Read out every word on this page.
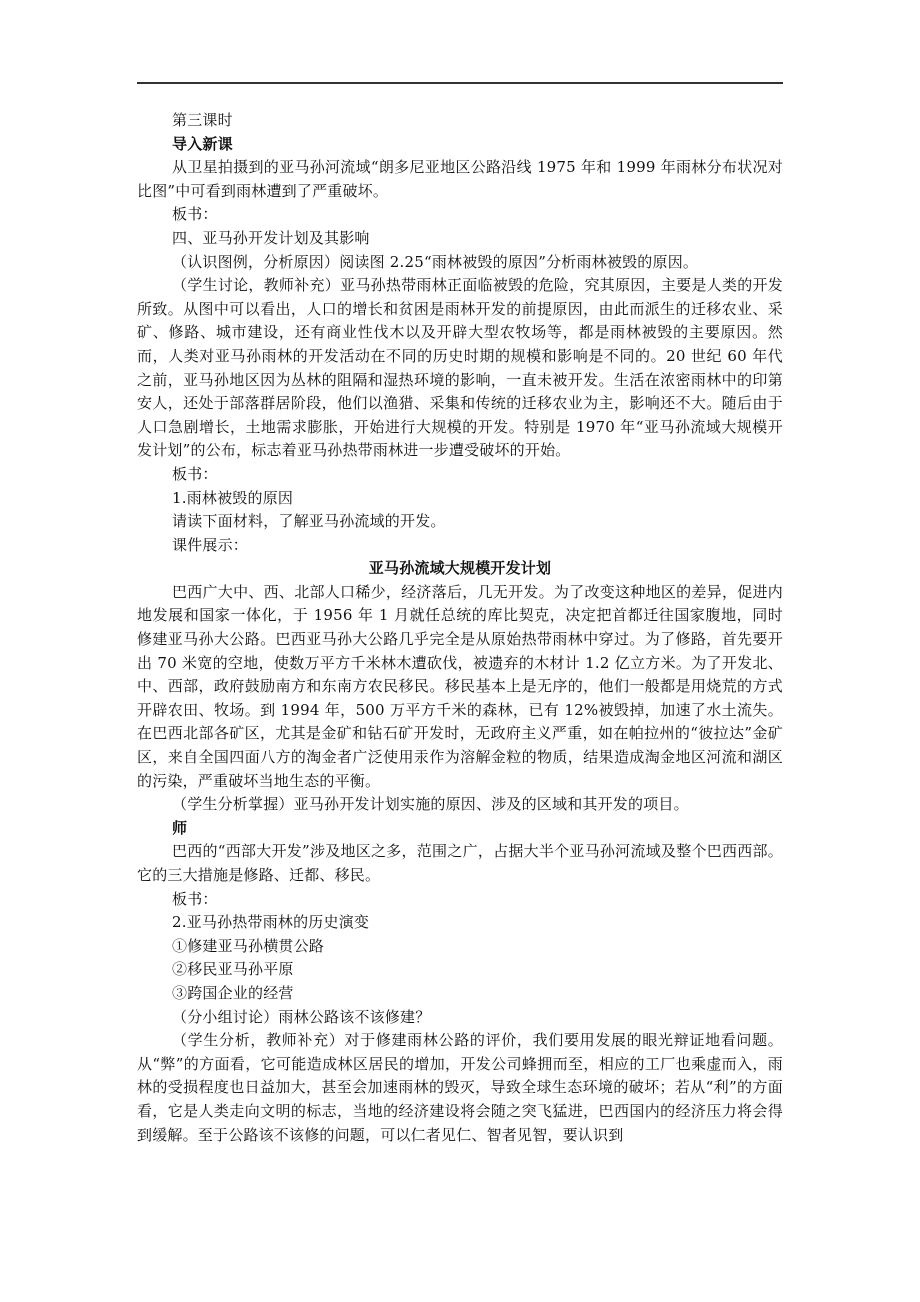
第三课时

导入新课

从卫星拍摄到的亚马孙河流域“朗多尼亚地区公路沿线 1975 年和 1999 年雨林分布状况对比图”中可看到雨林遭到了严重破坏。

板书：

四、亚马孙开发计划及其影响

（认识图例，分析原因）阅读图 2.25“雨林被毁的原因”分析雨林被毁的原因。

（学生讨论，教师补充）亚马孙热带雨林正面临被毁的危险，究其原因，主要是人类的开发所致。从图中可以看出，人口的增长和贫困是雨林开发的前提原因，由此而派生的迁移农业、采矿、修路、城市建设，还有商业性伐木以及开辟大型农牧场等，都是雨林被毁的主要原因。然而，人类对亚马孙雨林的开发活动在不同的历史时期的规模和影响是不同的。20 世纪 60 年代之前，亚马孙地区因为丛林的阻隔和湿热环境的影响，一直未被开发。生活在浓密雨林中的印第安人，还处于部落群居阶段，他们以渔猎、采集和传统的迁移农业为主，影响还不大。随后由于人口急剧增长，土地需求膨胀，开始进行大规模的开发。特别是 1970 年“亚马孙流域大规模开发计划”的公布，标志着亚马孙热带雨林进一步遭受破坏的开始。

板书：

1.雨林被毁的原因

请读下面材料，了解亚马孙流域的开发。

课件展示：

亚马孙流域大规模开发计划

巴西广大中、西、北部人口稀少，经济落后，几无开发。为了改变这种地区的差异，促进内地发展和国家一体化，于 1956 年 1 月就任总统的库比契克，决定把首都迁往国家腹地，同时修建亚马孙大公路。巴西亚马孙大公路几乎完全是从原始热带雨林中穿过。为了修路，首先要开出 70 米宽的空地，使数万平方千米林木遭砍伐，被遗弃的木材计 1.2 亿立方米。为了开发北、中、西部，政府鼓励南方和东南方农民移民。移民基本上是无序的，他们一般都是用烧荒的方式开辟农田、牧场。到 1994 年，500 万平方千米的森林，已有 12%被毁掉，加速了水土流失。在巴西北部各矿区，尤其是金矿和钻石矿开发时，无政府主义严重，如在帕拉州的“彼拉达”金矿区，来自全国四面八方的淘金者广泛使用汞作为溶解金粒的物质，结果造成淘金地区河流和湖区的污染，严重破坏当地生态的平衡。

（学生分析掌握）亚马孙开发计划实施的原因、涉及的区域和其开发的项目。

师

巴西的“西部大开发”涉及地区之多，范围之广，占据大半个亚马孙河流域及整个巴西西部。它的三大措施是修路、迁都、移民。

板书：

2.亚马孙热带雨林的历史演变

①修建亚马孙横贯公路

②移民亚马孙平原

③跨国企业的经营

（分小组讨论）雨林公路该不该修建？

（学生分析，教师补充）对于修建雨林公路的评价，我们要用发展的眼光辩证地看问题。从“弊”的方面看，它可能造成林区居民的增加，开发公司蜂拥而至，相应的工厂也乘虚而入，雨林的受损程度也日益加大，甚至会加速雨林的毁灭，导致全球生态环境的破坏；若从“利”的方面看，它是人类走向文明的标志，当地的经济建设将会随之突飞猛进，巴西国内的经济压力将会得到缓解。至于公路该不该修的问题，可以仁者见仁、智者见智，要认识到
